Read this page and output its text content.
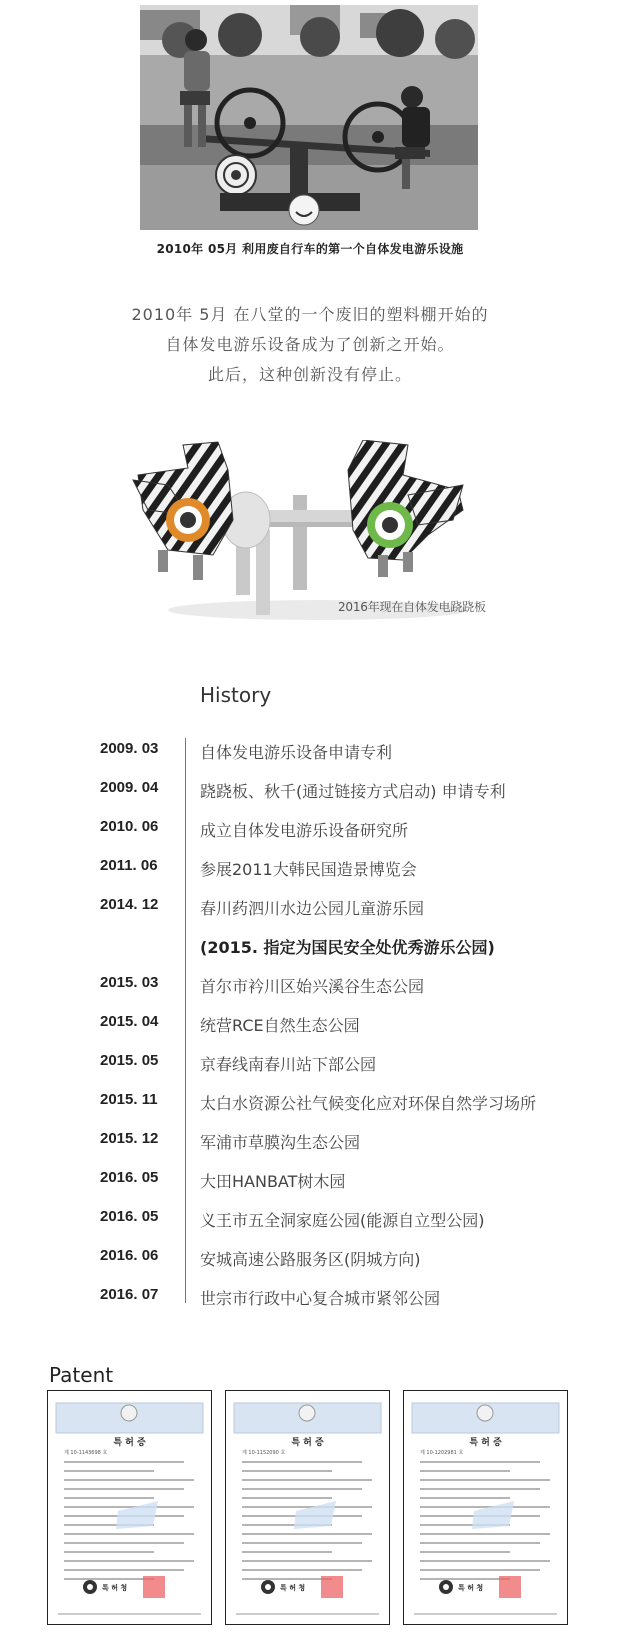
2010年 05月 利用废自行车的第一个自体发电游乐设施
2010年 5月 在八堂的一个废旧的塑料棚开始的
自体发电游乐设备成为了创新之开始。
此后，这种创新没有停止。
2016年现在自体发电跷跷板
History
2009. 03	自体发电游乐设备申请专利
2009. 04	跷跷板、秋千(通过链接方式启动) 申请专利
2010. 06	成立自体发电游乐设备研究所
2011. 06	参展2011大韩民国造景博览会
2014. 12	春川药泗川水边公园儿童游乐园
(2015. 指定为国民安全处优秀游乐公园)
2015. 03	首尔市衿川区始兴溪谷生态公园
2015. 04	统营RCE自然生态公园
2015. 05	京春线南春川站下部公园
2015. 11	太白水资源公社气候变化应对环保自然学习场所
2015. 12	军浦市草膜沟生态公园
2016. 05	大田HANBAT树木园
2016. 05	义王市五全洞家庭公园(能源自立型公园)
2016. 06	安城高速公路服务区(阴城方向)
2016. 07	世宗市行政中心复合城市紧邻公园
Patent
특 허 증
제 10-1143698 호
특 허 청
특 허 증
제 10-1152090 호
특 허 청
특 허 증
제 10-1202981 호
특 허 청
